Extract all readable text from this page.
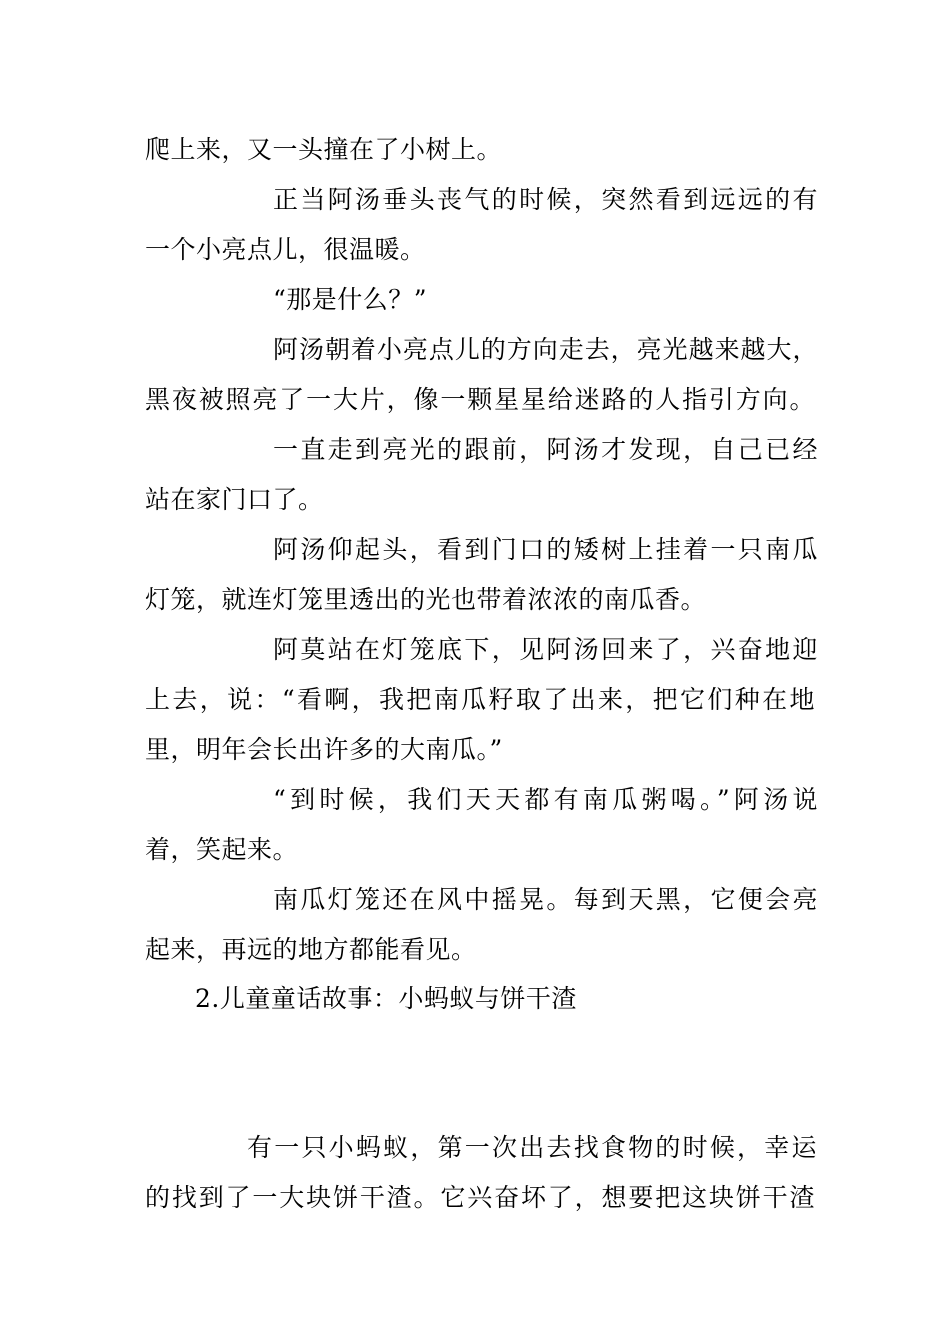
爬上来，又一头撞在了小树上。
正当阿汤垂头丧气的时候，突然看到远远的有
一个小亮点儿，很温暖。
“那是什么？”
阿汤朝着小亮点儿的方向走去，亮光越来越大，
黑夜被照亮了一大片，像一颗星星给迷路的人指引方向。
一直走到亮光的跟前，阿汤才发现，自己已经
站在家门口了。
阿汤仰起头，看到门口的矮树上挂着一只南瓜
灯笼，就连灯笼里透出的光也带着浓浓的南瓜香。
阿莫站在灯笼底下，见阿汤回来了，兴奋地迎
上去，说：“看啊，我把南瓜籽取了出来，把它们种在地
里，明年会长出许多的大南瓜。”
“到时候，我们天天都有南瓜粥喝。”阿汤说
着，笑起来。
南瓜灯笼还在风中摇晃。每到天黑，它便会亮
起来，再远的地方都能看见。
2.儿童童话故事：小蚂蚁与饼干渣
有一只小蚂蚁，第一次出去找食物的时候，幸运
的找到了一大块饼干渣。它兴奋坏了，想要把这块饼干渣
